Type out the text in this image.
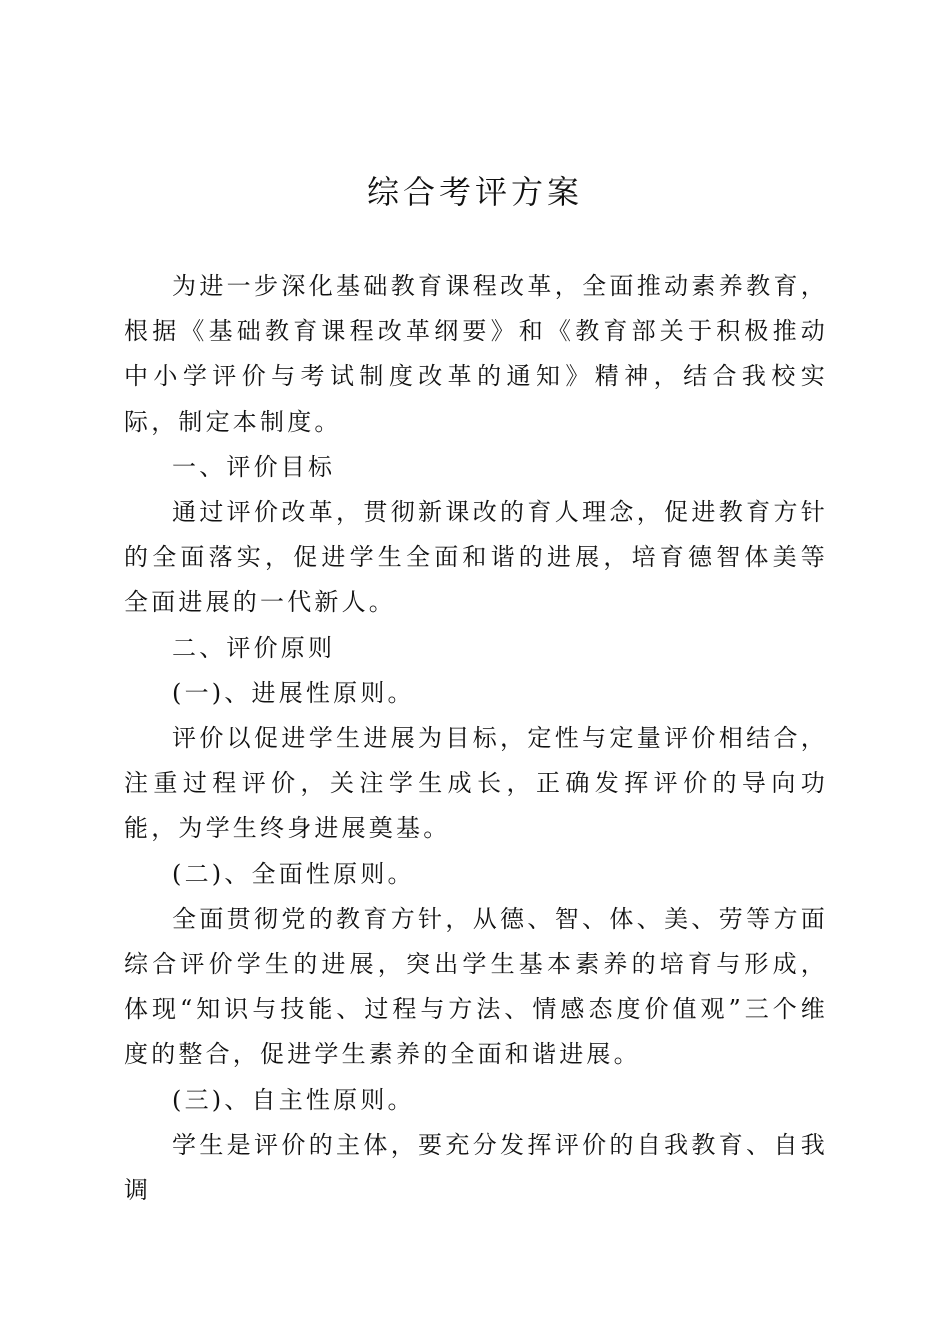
综合考评方案

为进一步深化基础教育课程改革，全面推动素养教育，根据《基础教育课程改革纲要》和《教育部关于积极推动中小学评价与考试制度改革的通知》精神，结合我校实际，制定本制度。

一、评价目标

通过评价改革，贯彻新课改的育人理念，促进教育方针的全面落实，促进学生全面和谐的进展，培育德智体美等全面进展的一代新人。

二、评价原则

(一)、进展性原则。

评价以促进学生进展为目标，定性与定量评价相结合，注重过程评价，关注学生成长，正确发挥评价的导向功能，为学生终身进展奠基。

(二)、全面性原则。

全面贯彻党的教育方针，从德、智、体、美、劳等方面综合评价学生的进展，突出学生基本素养的培育与形成，体现“知识与技能、过程与方法、情感态度价值观”三个维度的整合，促进学生素养的全面和谐进展。

(三)、自主性原则。

学生是评价的主体，要充分发挥评价的自我教育、自我调
